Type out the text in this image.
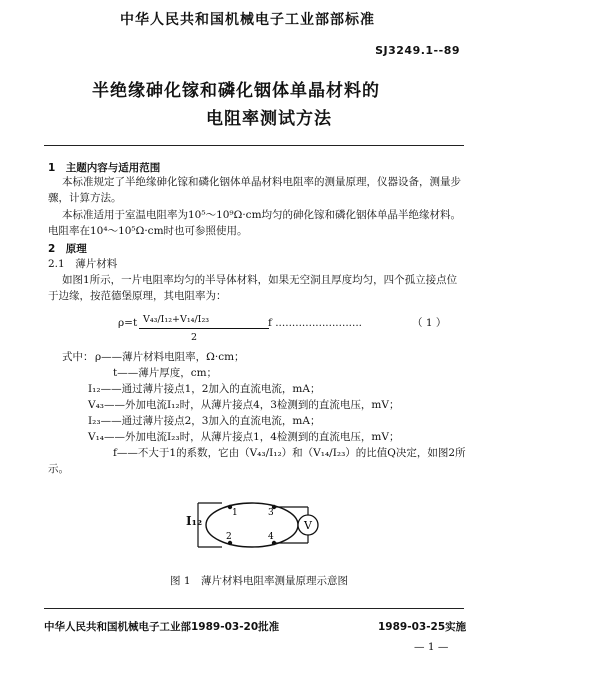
中华人民共和国机械电子工业部部标准
SJ3249.1--89
半绝缘砷化镓和磷化铟体单晶材料的
电阻率测试方法
1　主题内容与适用范围
本标准规定了半绝缘砷化镓和磷化铟体单晶材料电阻率的测量原理，仪器设备，测量步
骤，计算方法。
本标准适用于室温电阻率为10⁵～10⁹Ω·cm均匀的砷化镓和磷化铟体单晶半绝缘材料。
电阻率在10⁴～10⁵Ω·cm时也可参照使用。
2　原理
2.1　薄片材料
如图1所示，一片电阻率均匀的半导体材料，如果无空洞且厚度均匀，四个孤立接点位
于边缘，按范德堡原理，其电阻率为：
ρ=t V₄₃/I₁₂+V₁₄/I₂₃
2
f ..........................	（ 1 ）
式中： ρ——薄片材料电阻率，Ω·cm；
t——薄片厚度，cm；
I₁₂——通过薄片接点1，2加入的直流电流，mA；
V₄₃——外加电流I₁₂时，从薄片接点4，3检测到的直流电压，mV；
I₂₃——通过薄片接点2，3加入的直流电流，mA；
V₁₄——外加电流I₂₃时，从薄片接点1，4检测到的直流电压，mV；
f——不大于1的系数，它由（V₄₃/I₁₂）和（V₁₄/I₂₃）的比值Q决定，如图2所
示。
V
1
2
3
4
I₁₂
图 1　薄片材料电阻率测量原理示意图
中华人民共和国机械电子工业部1989-03-20批准	1989-03-25实施
— 1 —
